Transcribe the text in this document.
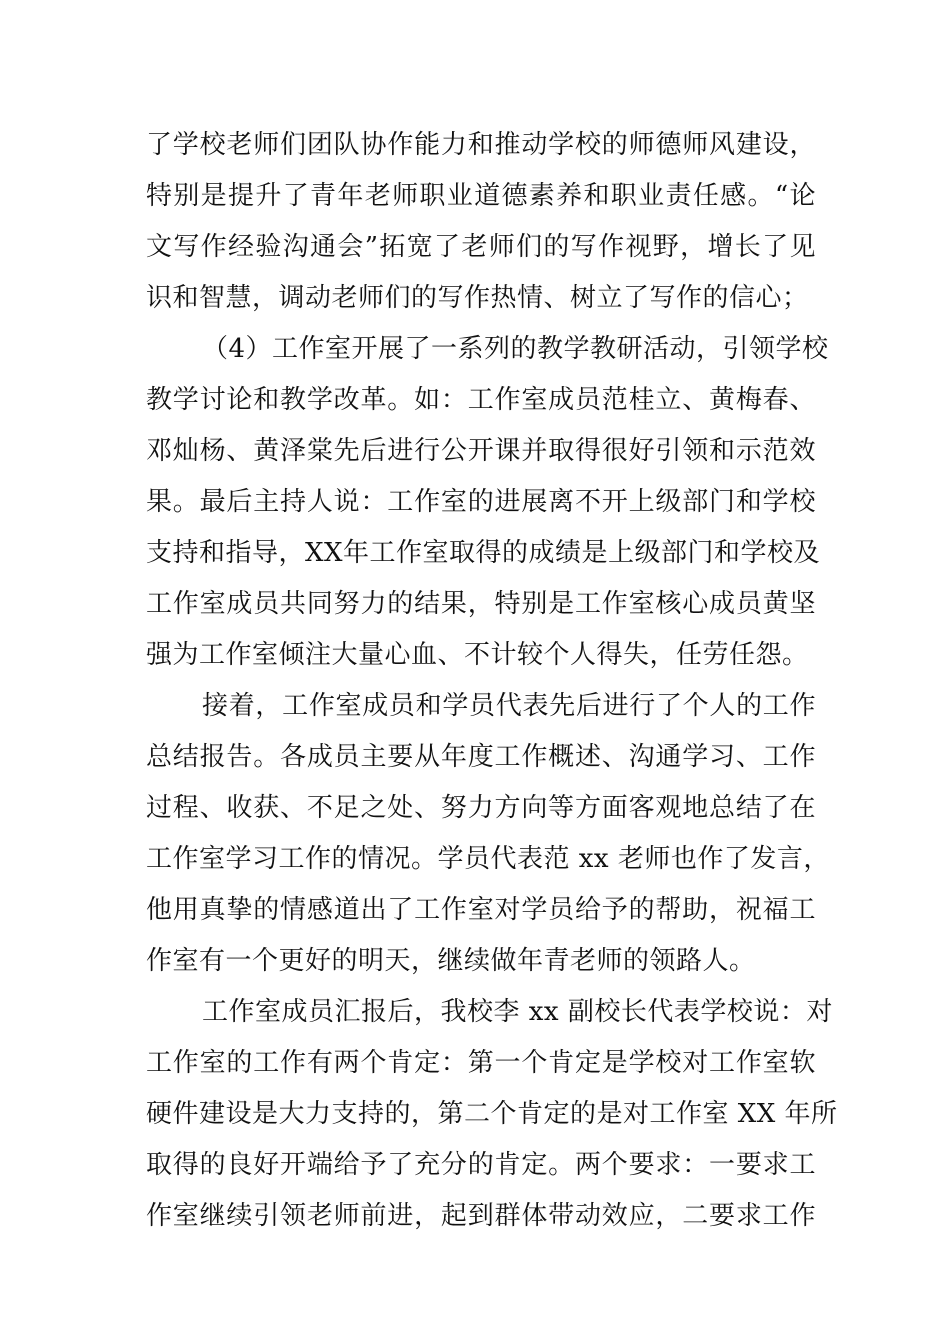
了学校老师们团队协作能力和推动学校的师德师风建设，
特别是提升了青年老师职业道德素养和职业责任感。“论
文写作经验沟通会”拓宽了老师们的写作视野，增长了见
识和智慧，调动老师们的写作热情、树立了写作的信心；
（4）工作室开展了一系列的教学教研活动，引领学校
教学讨论和教学改革。如：工作室成员范桂立、黄梅春、
邓灿杨、黄泽棠先后进行公开课并取得很好引领和示范效
果。最后主持人说：工作室的进展离不开上级部门和学校
支持和指导，XX年工作室取得的成绩是上级部门和学校及
工作室成员共同努力的结果，特别是工作室核心成员黄坚
强为工作室倾注大量心血、不计较个人得失，任劳任怨。
接着，工作室成员和学员代表先后进行了个人的工作
总结报告。各成员主要从年度工作概述、沟通学习、工作
过程、收获、不足之处、努力方向等方面客观地总结了在
工作室学习工作的情况。学员代表范 xx 老师也作了发言，
他用真挚的情感道出了工作室对学员给予的帮助，祝福工
作室有一个更好的明天，继续做年青老师的领路人。
工作室成员汇报后，我校李 xx 副校长代表学校说：对
工作室的工作有两个肯定：第一个肯定是学校对工作室软
硬件建设是大力支持的，第二个肯定的是对工作室 XX 年所
取得的良好开端给予了充分的肯定。两个要求：一要求工
作室继续引领老师前进，起到群体带动效应，二要求工作
